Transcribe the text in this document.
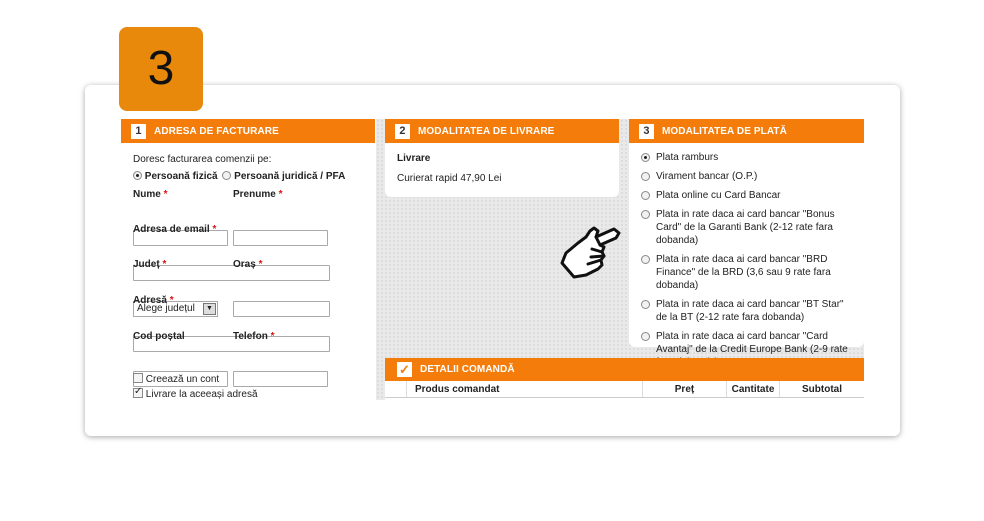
3
1	ADRESA DE FACTURARE
Doresc facturarea comenzii pe:
Persoană fizică Persoană juridică / PFA
Nume *	Prenume *
Adresa de email *
Județ *
Alege județul	▼
Oraș *
Adresă *
Cod poștal	Telefon *
Creează un cont
✓ Livrare la aceeași adresă
2	MODALITATEA DE LIVRARE
Livrare
Curierat rapid 47,90 Lei
3	MODALITATEA DE PLATĂ
Plata ramburs
Virament bancar (O.P.)
Plata online cu Card Bancar
Plata in rate daca ai card bancar "Bonus Card" de la Garanti Bank (2-12 rate fara dobanda)
Plata in rate daca ai card bancar "BRD Finance" de la BRD (3,6 sau 9 rate fara dobanda)
Plata in rate daca ai card bancar "BT Star" de la BT (2-12 rate fara dobanda)
Plata in rate daca ai card bancar "Card Avantaj" de la Credit Europe Bank (2-9 rate
✓ DETALII COMANDĂ
Produs comandat	Preț	Cantitate	Subtotal
